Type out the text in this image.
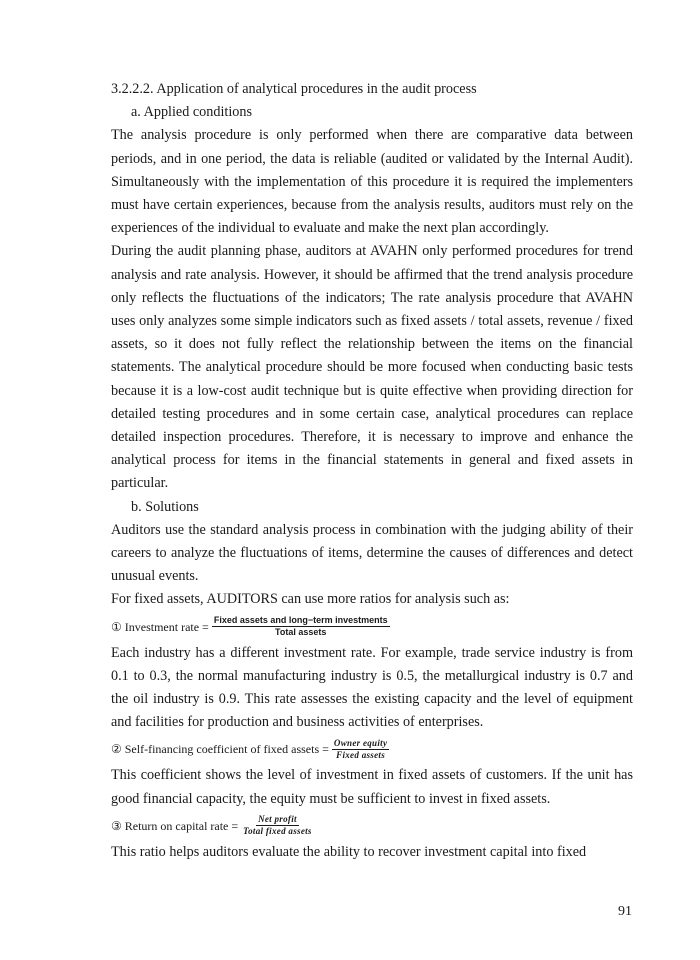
3.2.2.2. Application of analytical procedures in the audit process

a. Applied conditions

The analysis procedure is only performed when there are comparative data between periods, and in one period, the data is reliable (audited or validated by the Internal Audit). Simultaneously with the implementation of this procedure it is required the implementers must have certain experiences, because from the analysis results, auditors must rely on the experiences of the individual to evaluate and make the next plan accordingly.

During the audit planning phase, auditors at AVAHN only performed procedures for trend analysis and rate analysis. However, it should be affirmed that the trend analysis procedure only reflects the fluctuations of the indicators; The rate analysis procedure that AVAHN uses only analyzes some simple indicators such as fixed assets / total assets, revenue / fixed assets, so it does not fully reflect the relationship between the items on the financial statements. The analytical procedure should be more focused when conducting basic tests because it is a low-cost audit technique but is quite effective when providing direction for detailed testing procedures and in some certain case, analytical procedures can replace detailed inspection procedures. Therefore, it is necessary to improve and enhance the analytical process for items in the financial statements in general and fixed assets in particular.

b. Solutions

Auditors use the standard analysis process in combination with the judging ability of their careers to analyze the fluctuations of items, determine the causes of differences and detect unusual events.

For fixed assets, AUDITORS can use more ratios for analysis such as:

① Investment rate = $\frac{\text{Fixed assets and long−term investments}}{\text{Total assets}}$

Each industry has a different investment rate. For example, trade service industry is from 0.1 to 0.3, the normal manufacturing industry is 0.5, the metallurgical industry is 0.7 and the oil industry is 0.9. This rate assesses the existing capacity and the level of equipment and facilities for production and business activities of enterprises.

② Self-financing coefficient of fixed assets = $\frac{\text{Owner equity}}{\text{Fixed assets}}$

This coefficient shows the level of investment in fixed assets of customers. If the unit has good financial capacity, the equity must be sufficient to invest in fixed assets.

③ Return on capital rate = $\frac{\text{Net profit}}{\text{Total fixed assets}}$

This ratio helps auditors evaluate the ability to recover investment capital into fixed

91
